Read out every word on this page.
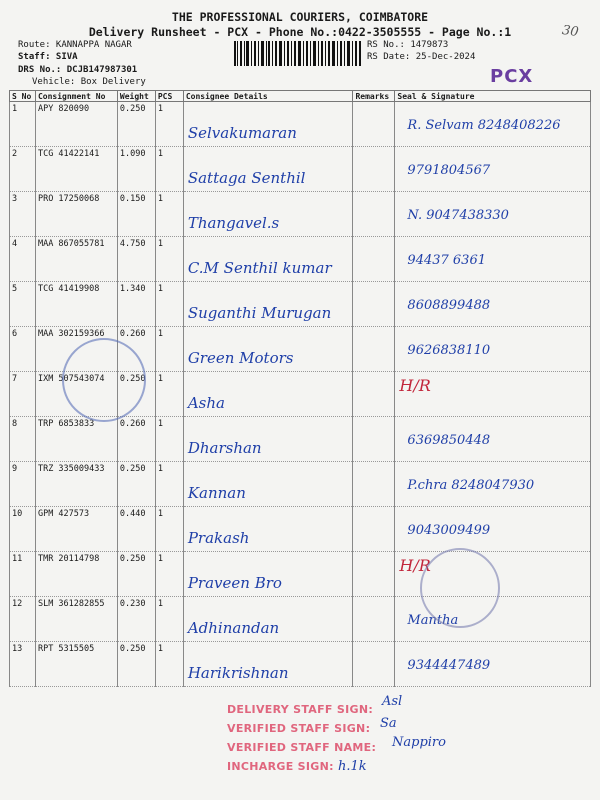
THE PROFESSIONAL COURIERS, COIMBATORE
Delivery Runsheet - PCX - Phone No.:0422-3505555 - Page No.:1	30
Route: KANNAPPA NAGAR
Staff: SIVA
DRS No.: DCJB147987301
Vehicle: Box Delivery
RS No.: 1479873
RS Date: 25-Dec-2024
PCX
S No	Consignment No	Weight	PCS	Consignee Details	Remarks	Seal & Signature
1	APY 820090	0.250	1	Selvakumaran		R. Selvam 8248408226

2	TCG 41422141	1.090	1	Sattaga Senthil		9791804567

3	PRO 17250068	0.150	1	Thangavel.s		N. 9047438330

4	MAA 867055781	4.750	1	C.M Senthil kumar		94437 6361

5	TCG 41419908	1.340	1	Suganthi Murugan		8608899488

6	MAA 302159366	0.260	1	Green Motors		9626838110

7	IXM 507543074	0.250	1	Asha		H/R

8	TRP 6853833	0.260	1	Dharshan		6369850448

9	TRZ 335009433	0.250	1	Kannan		P.chra 8248047930

10	GPM 427573	0.440	1	Prakash		9043009499

11	TMR 20114798	0.250	1	Praveen Bro		H/R

12	SLM 361282855	0.230	1	Adhinandan		Mantha

13	RPT 5315505	0.250	1	Harikrishnan		9344447489
DELIVERY STAFF SIGN:
VERIFIED STAFF SIGN:
VERIFIED STAFF NAME:
INCHARGE SIGN:
Asl
Sa
Nappiro
h.1k
